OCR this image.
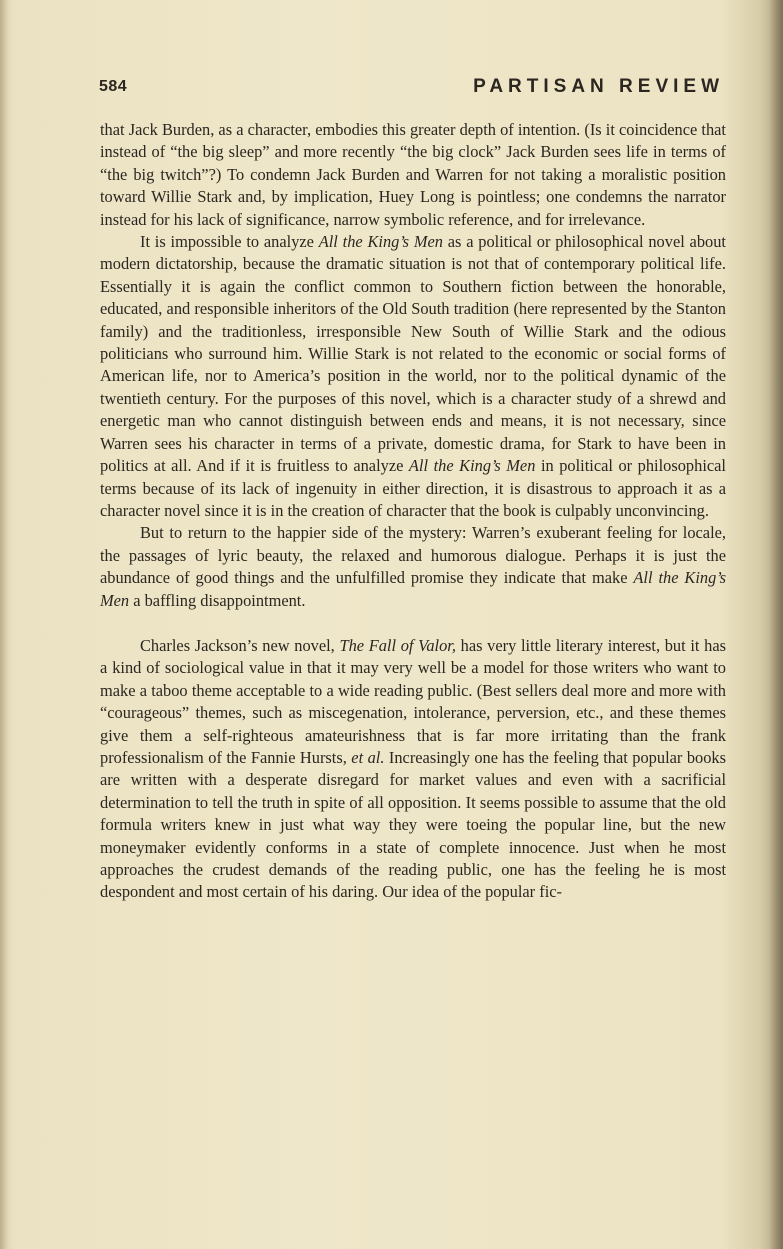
584	PARTISAN REVIEW

that Jack Burden, as a character, embodies this greater depth of intention. (Is it coincidence that instead of “the big sleep” and more recently “the big clock” Jack Burden sees life in terms of “the big twitch”?) To condemn Jack Burden and Warren for not taking a moralistic position toward Willie Stark and, by implication, Huey Long is pointless; one condemns the narrator instead for his lack of significance, narrow symbolic reference, and for irrelevance.

It is impossible to analyze All the King’s Men as a political or philosophical novel about modern dictatorship, because the dramatic situation is not that of contemporary political life. Essentially it is again the conflict common to Southern fiction between the honorable, educated, and responsible inheritors of the Old South tradition (here represented by the Stanton family) and the traditionless, irresponsible New South of Willie Stark and the odious politicians who surround him. Willie Stark is not related to the economic or social forms of American life, nor to America’s position in the world, nor to the political dynamic of the twentieth century. For the purposes of this novel, which is a character study of a shrewd and energetic man who cannot distinguish between ends and means, it is not necessary, since Warren sees his character in terms of a private, domestic drama, for Stark to have been in politics at all. And if it is fruitless to analyze All the King’s Men in political or philosophical terms because of its lack of ingenuity in either direction, it is disastrous to approach it as a character novel since it is in the creation of character that the book is culpably unconvincing.

But to return to the happier side of the mystery: Warren’s exuberant feeling for locale, the passages of lyric beauty, the relaxed and humorous dialogue. Perhaps it is just the abundance of good things and the unfulfilled promise they indicate that make All the King’s Men a baffling disappointment.

Charles Jackson’s new novel, The Fall of Valor, has very little literary interest, but it has a kind of sociological value in that it may very well be a model for those writers who want to make a taboo theme acceptable to a wide reading public. (Best sellers deal more and more with “courageous” themes, such as miscegenation, intolerance, perversion, etc., and these themes give them a self-righteous amateurishness that is far more irritating than the frank professionalism of the Fannie Hursts, et al. Increasingly one has the feeling that popular books are written with a desperate disregard for market values and even with a sacrificial determination to tell the truth in spite of all opposition. It seems possible to assume that the old formula writers knew in just what way they were toeing the popular line, but the new moneymaker evidently conforms in a state of complete innocence. Just when he most approaches the crudest demands of the reading public, one has the feeling he is most despondent and most certain of his daring. Our idea of the popular fic-
